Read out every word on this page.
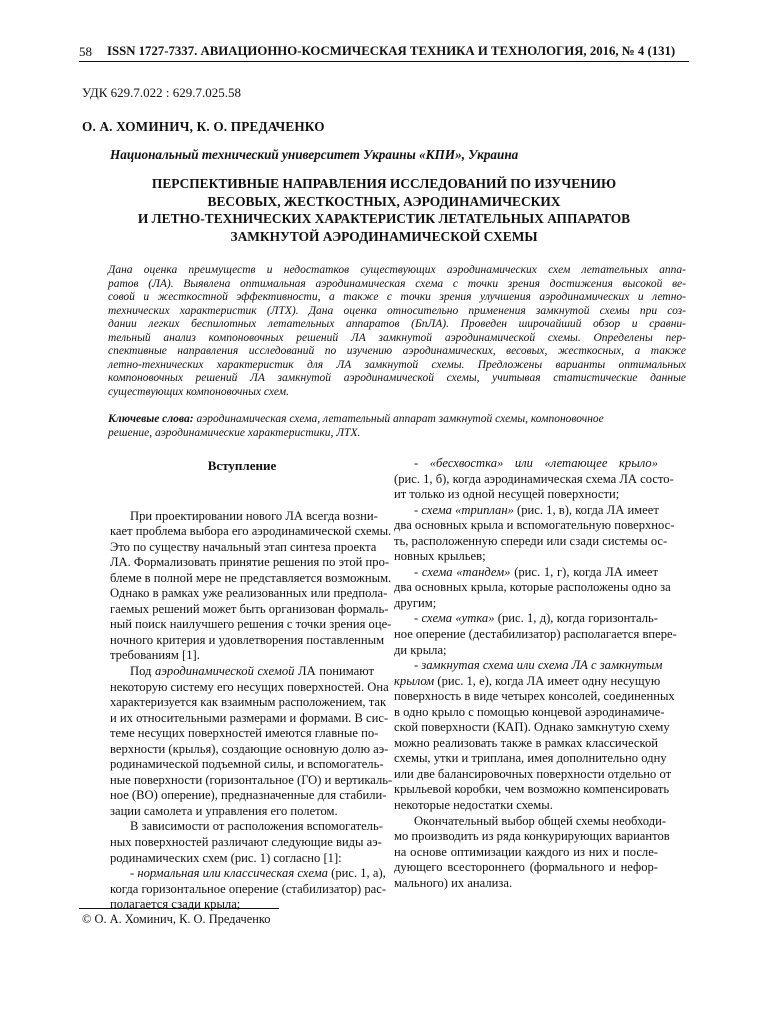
58 ISSN 1727-7337. АВИАЦИОННО-КОСМИЧЕСКАЯ ТЕХНИКА И ТЕХНОЛОГИЯ, 2016, № 4 (131)
УДК 629.7.022 : 629.7.025.58
О. А. ХОМИНИЧ, К. О. ПРЕДАЧЕНКО
Национальный технический университет Украины «КПИ», Украина
ПЕРСПЕКТИВНЫЕ НАПРАВЛЕНИЯ ИССЛЕДОВАНИЙ ПО ИЗУЧЕНИЮ
ВЕСОВЫХ, ЖЕСТКОСТНЫХ, АЭРОДИНАМИЧЕСКИХ
И ЛЕТНО-ТЕХНИЧЕСКИХ ХАРАКТЕРИСТИК ЛЕТАТЕЛЬНЫХ АППАРАТОВ
ЗАМКНУТОЙ АЭРОДИНАМИЧЕСКОЙ СХЕМЫ
Дана оценка преимуществ и недостатков существующих аэродинамических схем летательных аппа-
ратов (ЛА). Выявлена оптимальная аэродинамическая схема с точки зрения достижения высокой ве-
совой и жесткостной эффективности, а также с точки зрения улучшения аэродинамических и летно-
технических характеристик (ЛТХ). Дана оценка относительно применения замкнутой схемы при соз-
дании легких беспилотных летательных аппаратов (БпЛА). Проведен широчайший обзор и сравни-
тельный анализ компоновочных решений ЛА замкнутой аэродинамической схемы. Определены пер-
спективные направления исследований по изучению аэродинамических, весовых, жесткосных, а также
летно-технических характеристик для ЛА замкнутой схемы. Предложены варианты оптимальных
компоновочных решений ЛА замкнутой аэродинамической схемы, учитывая статистические данные
существующих компоновочных схем.
Ключевые слова: аэродинамическая схема, летательный аппарат замкнутой схемы, компоновочное
решение, аэродинамические характеристики, ЛТХ.
Вступление

При проектировании нового ЛА всегда возни-
кает проблема выбора его аэродинамической схемы.
Это по существу начальный этап синтеза проекта
ЛА. Формализовать принятие решения по этой про-
блеме в полной мере не представляется возможным.
Однако в рамках уже реализованных или предпола-
гаемых решений может быть организован формаль-
ный поиск наилучшего решения с точки зрения оце-
ночного критерия и удовлетворения поставленным
требованиям [1].

Под аэродинамической схемой ЛА понимают
некоторую систему его несущих поверхностей. Она
характеризуется как взаимным расположением, так
и их относительными размерами и формами. В сис-
теме несущих поверхностей имеются главные по-
верхности (крылья), создающие основную долю аэ-
родинамической подъемной силы, и вспомогатель-
ные поверхности (горизонтальное (ГО) и вертикаль-
ное (ВО) оперение), предназначенные для стабили-
зации самолета и управления его полетом.

В зависимости от расположения вспомогатель-
ных поверхностей различают следующие виды аэ-
родинамических схем (рис. 1) согласно [1]:

- нормальная или классическая схема (рис. 1, а),
когда горизонтальное оперение (стабилизатор) рас-
полагается сзади крыла;

- «бесхвостка» или «летающее крыло»
(рис. 1, б), когда аэродинамическая схема ЛА состо-
ит только из одной несущей поверхности;

- схема «триплан» (рис. 1, в), когда ЛА имеет
два основных крыла и вспомогательную поверхнос-
ть, расположенную спереди или сзади системы ос-
новных крыльев;

- схема «тандем» (рис. 1, г), когда ЛА имеет
два основных крыла, которые расположены одно за
другим;

- схема «утка» (рис. 1, д), когда горизонталь-
ное оперение (дестабилизатор) располагается впере-
ди крыла;

- замкнутая схема или схема ЛА с замкнутым
крылом (рис. 1, е), когда ЛА имеет одну несущую
поверхность в виде четырех консолей, соединенных
в одно крыло с помощью концевой аэродинамиче-
ской поверхности (КАП). Однако замкнутую схему
можно реализовать также в рамках классической
схемы, утки и триплана, имея дополнительно одну
или две балансировочных поверхности отдельно от
крыльевой коробки, чем возможно компенсировать
некоторые недостатки схемы.

Окончательный выбор общей схемы необходи-
мо производить из ряда конкурирующих вариантов
на основе оптимизации каждого из них и после-
дующего всестороннего (формального и нефор-
мального) их анализа.

© О. А. Хоминич, К. О. Предаченко
